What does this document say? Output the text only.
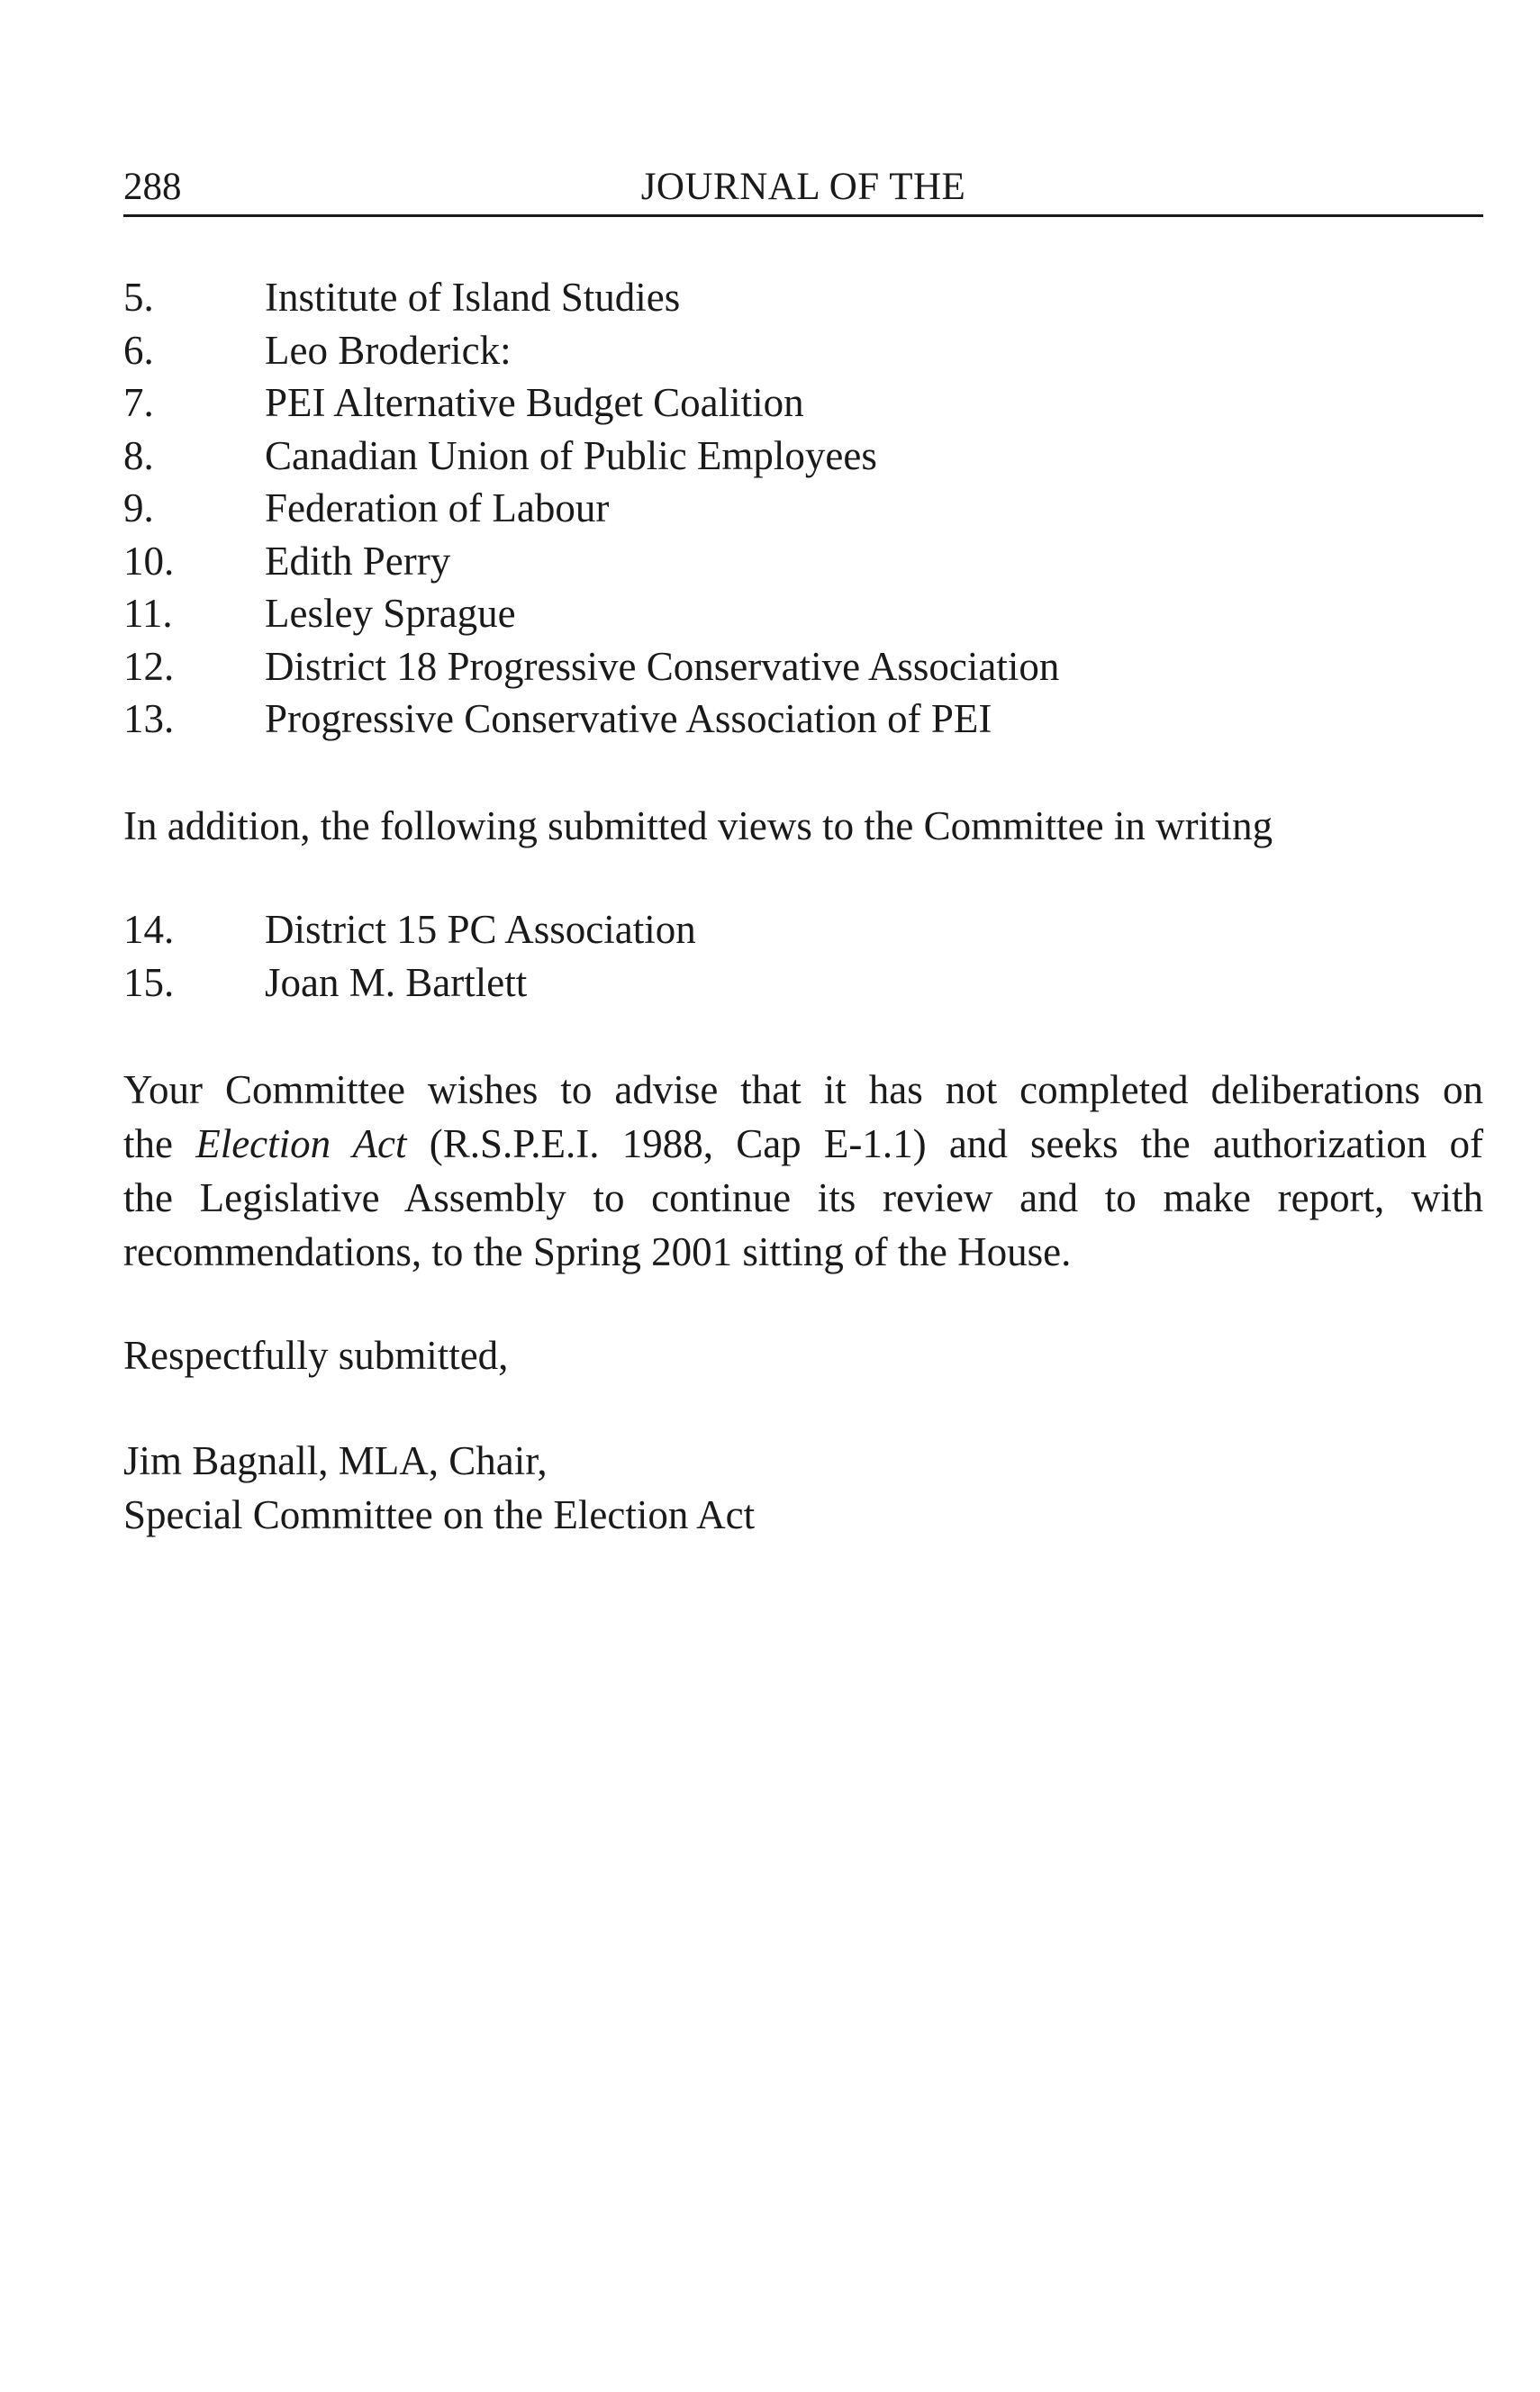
288	JOURNAL OF THE
5.	Institute of Island Studies
6.	Leo Broderick:
7.	PEI Alternative Budget Coalition
8.	Canadian Union of Public Employees
9.	Federation of Labour
10. Edith Perry
11. Lesley Sprague
12. District 18 Progressive Conservative Association
13. Progressive Conservative Association of PEI

In addition, the following submitted views to the Committee in writing

14. District 15 PC Association
15. Joan M. Bartlett
Your Committee wishes to advise that it has not completed deliberations on
the Election Act (R.S.P.E.I. 1988, Cap E-1.1) and seeks the authorization of
the Legislative Assembly to continue its review and to make report, with
recommendations, to the Spring 2001 sitting of the House.

Respectfully submitted,

Jim Bagnall, MLA, Chair,
Special Committee on the Election Act
